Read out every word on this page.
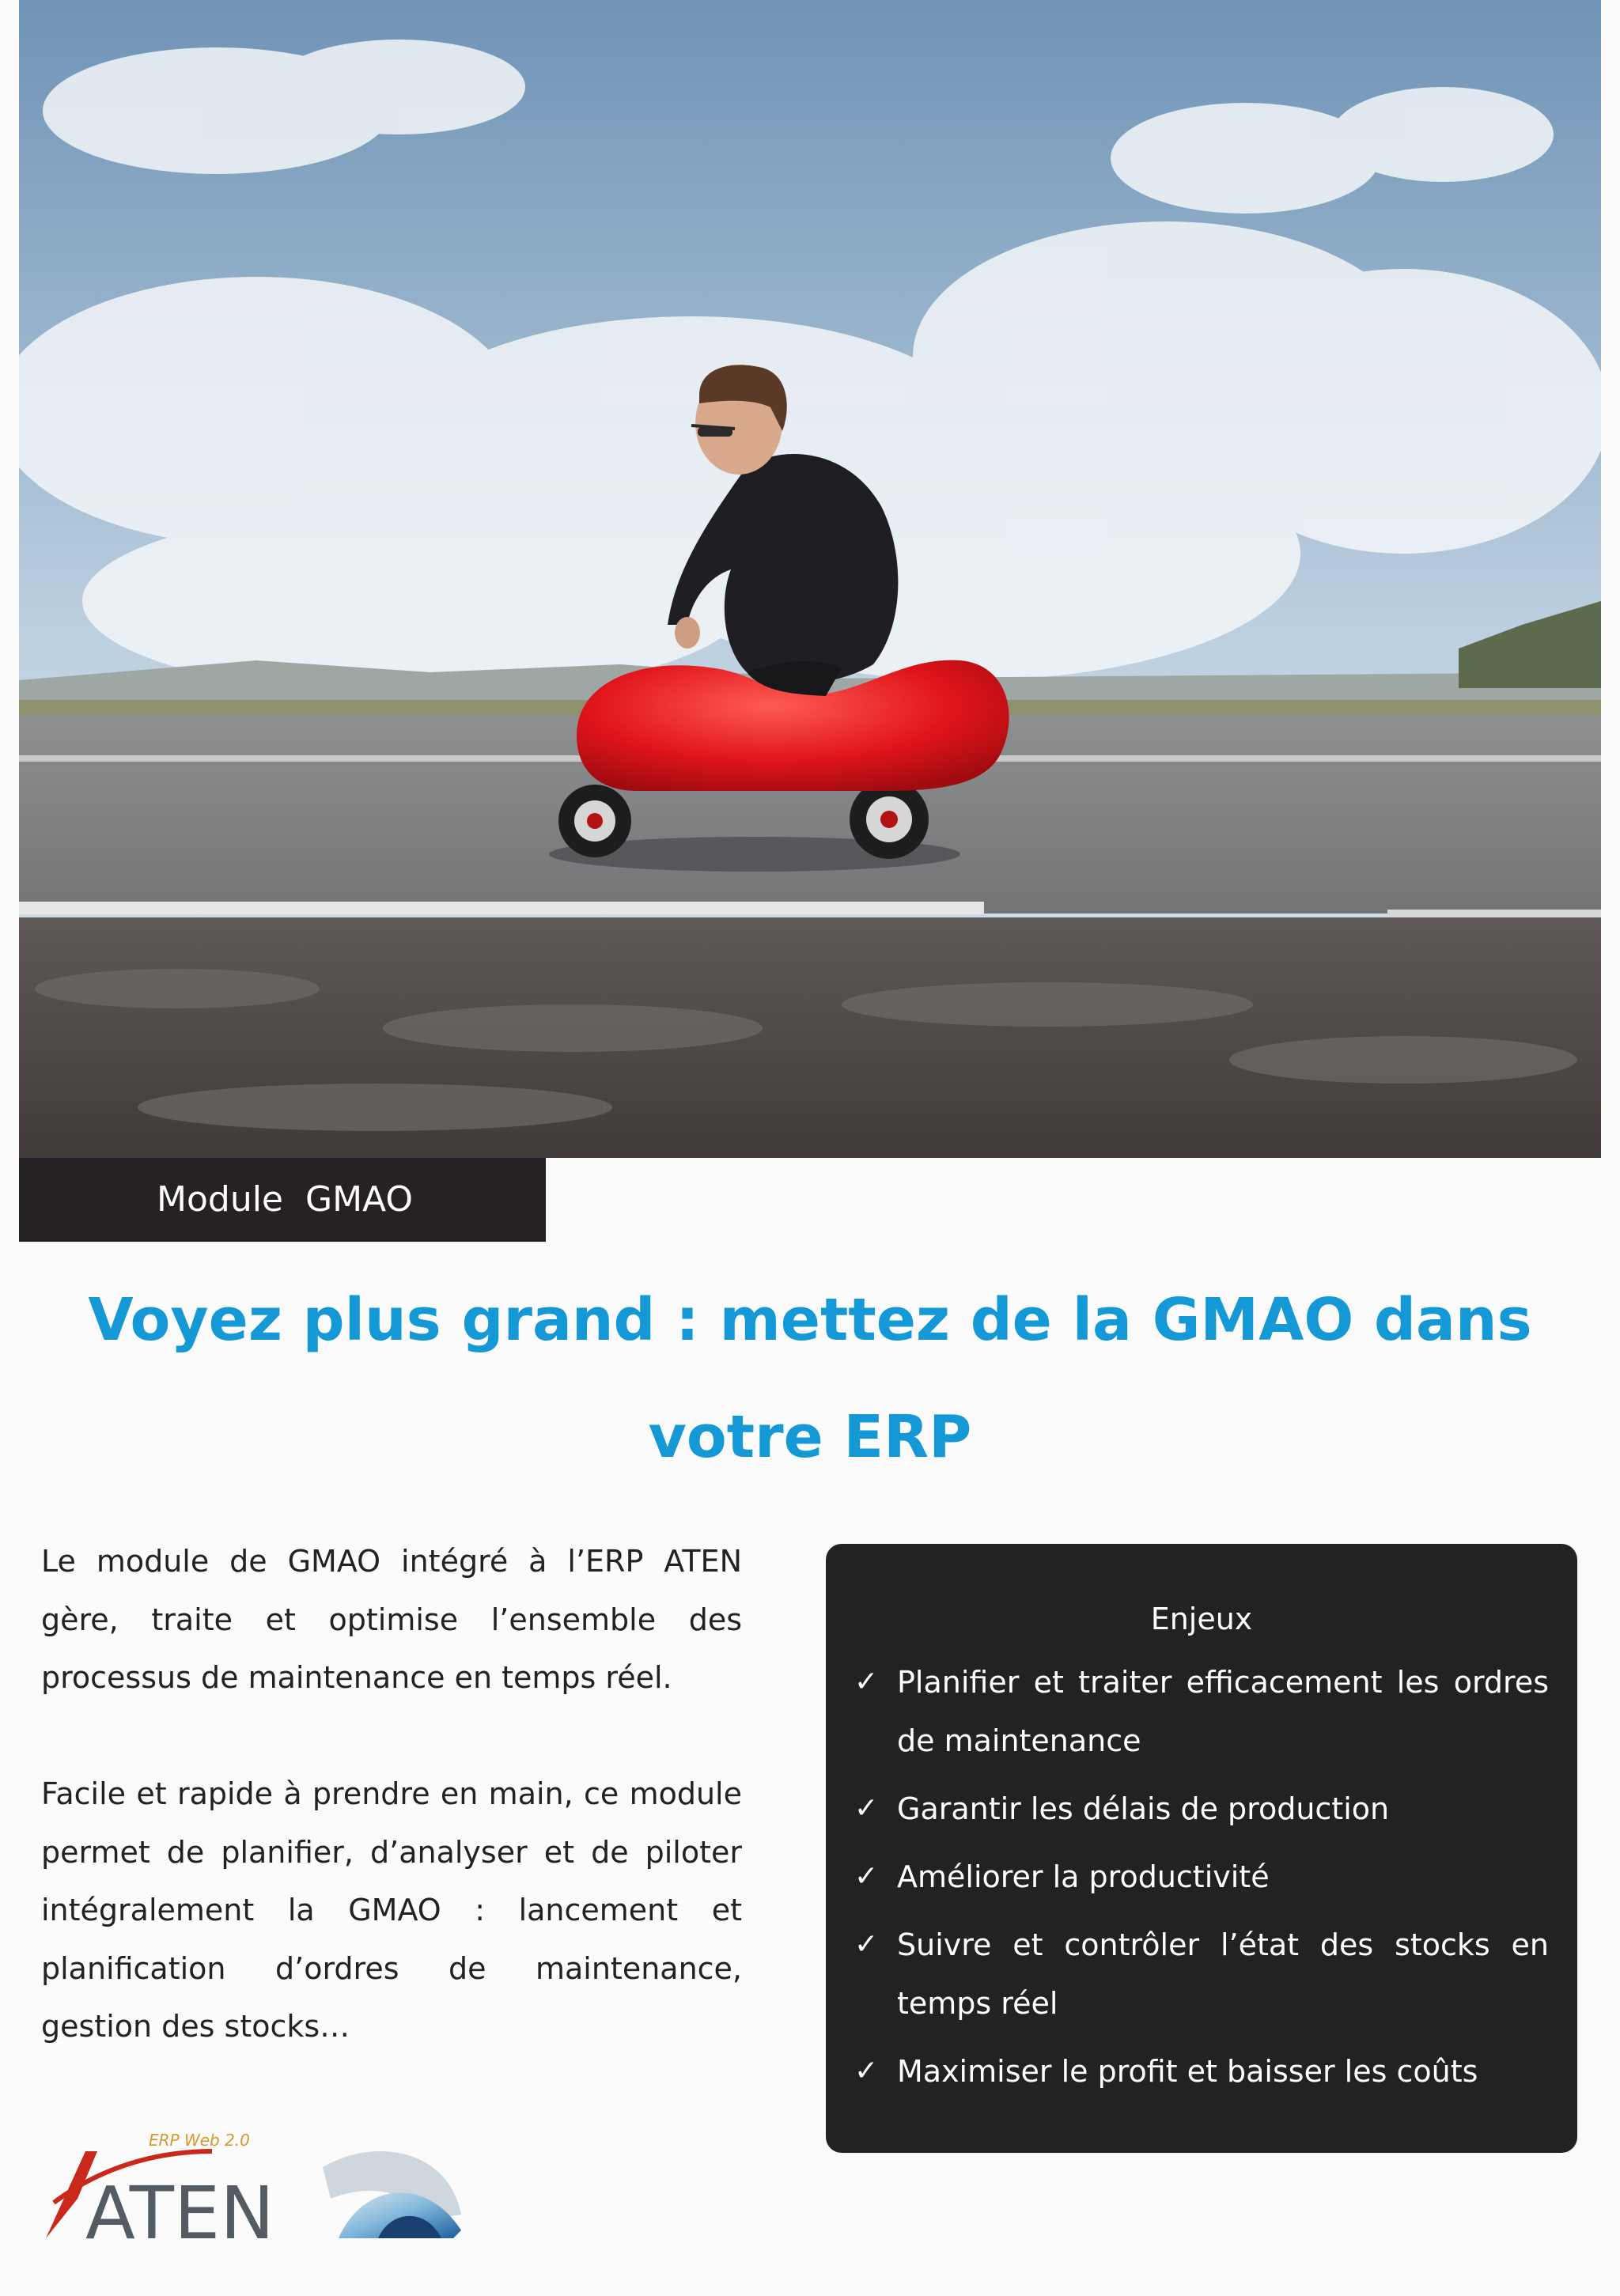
Module  GMAO
Voyez plus grand : mettez de la GMAO dans
votre ERP

Le module de GMAO intégré à l’ERP ATEN gère, traite et optimise l’ensemble des processus de maintenance en temps réel.

Facile et rapide à prendre en main, ce module permet de planifier, d’analyser et de piloter intégralement la GMAO : lancement et planification d’ordres de maintenance, gestion des stocks…

Enjeux
✓ Planifier et traiter efficacement les ordres de maintenance
✓ Garantir les délais de production
✓ Améliorer la productivité
✓ Suivre et contrôler l’état des stocks en temps réel
✓ Maximiser le profit et baisser les coûts
ERP Web 2.0
ATEN
